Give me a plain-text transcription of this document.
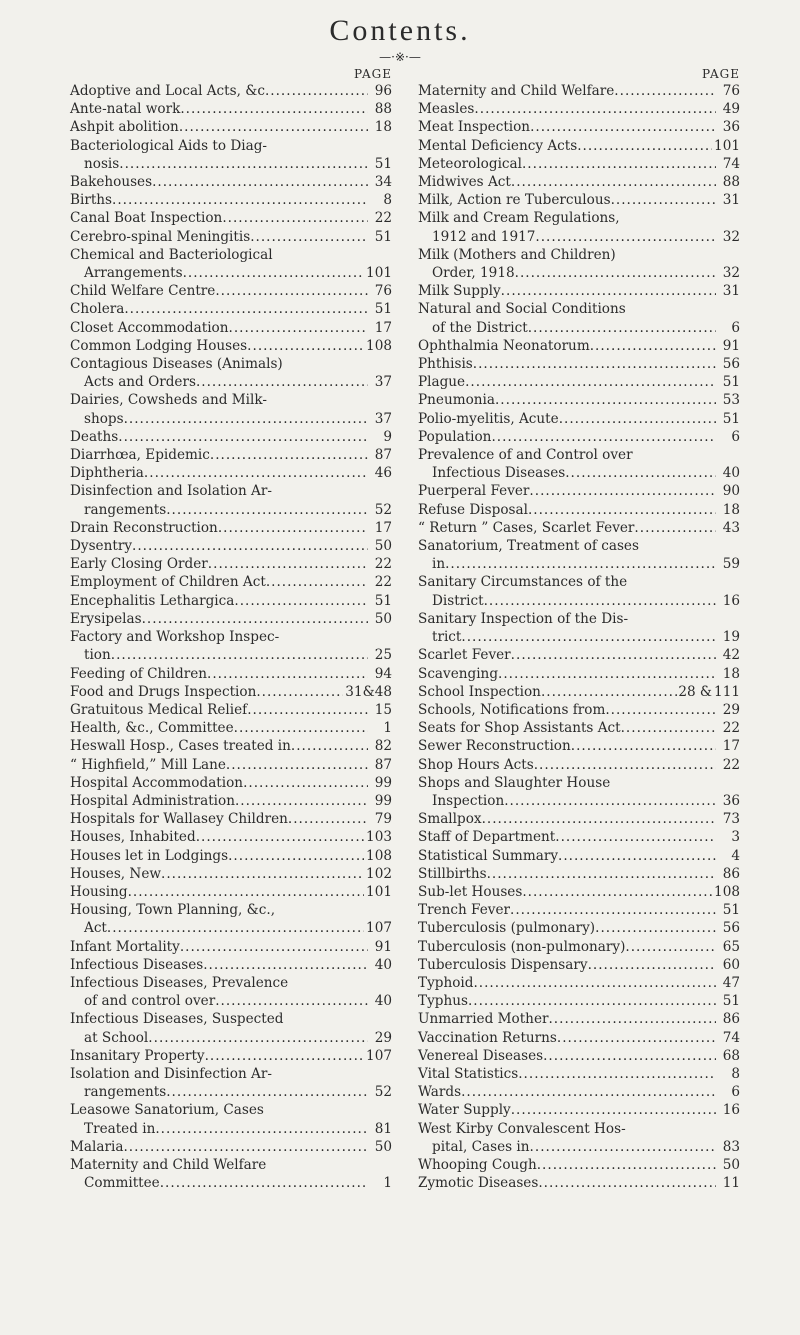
Contents.
—·※·—
PAGE
Adoptive and Local Acts, &c .....	96
Ante-natal work .....	88
Ashpit abolition .....	18
Bacteriological Aids to Diag-
nosis .....	51
Bakehouses .....	34
Births .....	8
Canal Boat Inspection .....	22
Cerebro-spinal Meningitis .....	51
Chemical and Bacteriological
Arrangements .....	101
Child Welfare Centre .....	76
Cholera .....	51
Closet Accommodation .....	17
Common Lodging Houses .....	108
Contagious Diseases (Animals)
Acts and Orders .....	37
Dairies, Cowsheds and Milk-
shops .....	37
Deaths .....	9
Diarrhœa, Epidemic .....	87
Diphtheria .....	46
Disinfection and Isolation Ar-
rangements .....	52
Drain Reconstruction .....	17
Dysentry .....	50
Early Closing Order .....	22
Employment of Children Act .....	22
Encephalitis Lethargica .....	51
Erysipelas .....	50
Factory and Workshop Inspec-
tion .....	25
Feeding of Children .....	94
Food and Drugs Inspection .....	31&48
Gratuitous Medical Relief .....	15
Health, &c., Committee .....	1
Heswall Hosp., Cases treated in .....	82
“ Highfield,” Mill Lane .....	87
Hospital Accommodation .....	99
Hospital Administration .....	99
Hospitals for Wallasey Children .....	79
Houses, Inhabited .....	103
Houses let in Lodgings .....	108
Houses, New .....	102
Housing .....	101
Housing, Town Planning, &c.,
Act .....	107
Infant Mortality .....	91
Infectious Diseases .....	40
Infectious Diseases, Prevalence
of and control over .....	40
Infectious Diseases, Suspected
at School .....	29
Insanitary Property .....	107
Isolation and Disinfection Ar-
rangements .....	52
Leasowe Sanatorium, Cases
Treated in .....	81
Malaria .....	50
Maternity and Child Welfare
Committee .....	1
PAGE
Maternity and Child Welfare .....	76
Measles .....	49
Meat Inspection .....	36
Mental Deficiency Acts .....	101
Meteorological .....	74
Midwives Act .....	88
Milk, Action re Tuberculous .....	31
Milk and Cream Regulations,
1912 and 1917 .....	32
Milk (Mothers and Children)
Order, 1918 .....	32
Milk Supply .....	31
Natural and Social Conditions
of the District .....	6
Ophthalmia Neonatorum .....	91
Phthisis .....	56
Plague .....	51
Pneumonia .....	53
Polio-myelitis, Acute .....	51
Population .....	6
Prevalence of and Control over
Infectious Diseases .....	40
Puerperal Fever .....	90
Refuse Disposal .....	18
“ Return ” Cases, Scarlet Fever .....	43
Sanatorium, Treatment of cases
in .....	59
Sanitary Circumstances of the
District .....	16
Sanitary Inspection of the Dis-
trict .....	19
Scarlet Fever .....	42
Scavenging .....	18
School Inspection .....	28 & 111
Schools, Notifications from .....	29
Seats for Shop Assistants Act .....	22
Sewer Reconstruction .....	17
Shop Hours Acts .....	22
Shops and Slaughter House
Inspection .....	36
Smallpox .....	73
Staff of Department .....	3
Statistical Summary .....	4
Stillbirths .....	86
Sub-let Houses .....	108
Trench Fever .....	51
Tuberculosis (pulmonary) .....	56
Tuberculosis (non-pulmonary) .....	65
Tuberculosis Dispensary .....	60
Typhoid .....	47
Typhus .....	51
Unmarried Mother .....	86
Vaccination Returns .....	74
Venereal Diseases .....	68
Vital Statistics .....	8
Wards .....	6
Water Supply .....	16
West Kirby Convalescent Hos-
pital, Cases in .....	83
Whooping Cough .....	50
Zymotic Diseases .....	11
